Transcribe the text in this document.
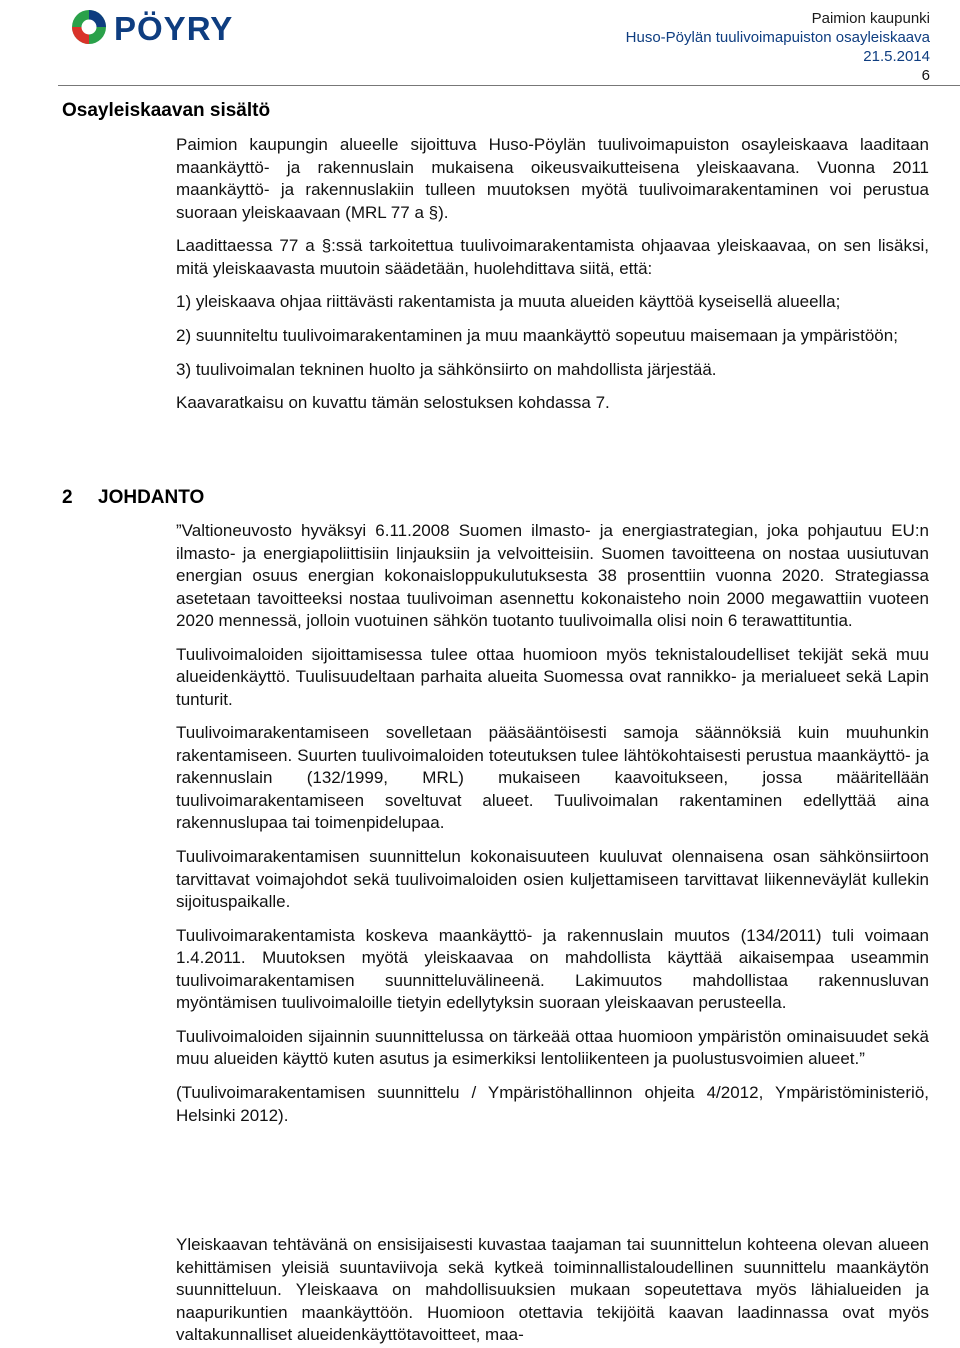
PÖYRY	Paimion kaupunki
Huso-Pöylän tuulivoimapuiston osayleiskaava
21.5.2014
6
Osayleiskaavan sisältö

Paimion kaupungin alueelle sijoittuva Huso-Pöylän tuulivoimapuiston osayleiskaava laaditaan maankäyttö- ja rakennuslain mukaisena oikeusvaikutteisena yleiskaavana. Vuonna 2011 maankäyttö- ja rakennuslakiin tulleen muutoksen myötä tuulivoimarakentaminen voi perustua suoraan yleiskaavaan (MRL 77 a §).

Laadittaessa 77 a §:ssä tarkoitettua tuulivoimarakentamista ohjaavaa yleiskaavaa, on sen lisäksi, mitä yleiskaavasta muutoin säädetään, huolehdittava siitä, että:

1) yleiskaava ohjaa riittävästi rakentamista ja muuta alueiden käyttöä kyseisellä alueella;

2) suunniteltu tuulivoimarakentaminen ja muu maankäyttö sopeutuu maisemaan ja ympäristöön;

3) tuulivoimalan tekninen huolto ja sähkönsiirto on mahdollista järjestää.

Kaavaratkaisu on kuvattu tämän selostuksen kohdassa 7.

2 JOHDANTO

”Valtioneuvosto hyväksyi 6.11.2008 Suomen ilmasto- ja energiastrategian, joka pohjautuu EU:n ilmasto- ja energiapoliittisiin linjauksiin ja velvoitteisiin. Suomen tavoitteena on nostaa uusiutuvan energian osuus energian kokonaisloppukulutuksesta 38 prosenttiin vuonna 2020. Strategiassa asetetaan tavoitteeksi nostaa tuulivoiman asennettu kokonaisteho noin 2000 megawattiin vuoteen 2020 mennessä, jolloin vuotuinen sähkön tuotanto tuulivoimalla olisi noin 6 terawattituntia.

Tuulivoimaloiden sijoittamisessa tulee ottaa huomioon myös teknistaloudelliset tekijät sekä muu alueidenkäyttö. Tuulisuudeltaan parhaita alueita Suomessa ovat rannikko- ja merialueet sekä Lapin tunturit.

Tuulivoimarakentamiseen sovelletaan pääsääntöisesti samoja säännöksiä kuin muuhunkin rakentamiseen. Suurten tuulivoimaloiden toteutuksen tulee lähtökohtaisesti perustua maankäyttö- ja rakennuslain (132/1999, MRL) mukaiseen kaavoitukseen, jossa määritellään tuulivoimarakentamiseen soveltuvat alueet. Tuulivoimalan rakentaminen edellyttää aina rakennuslupaa tai toimenpidelupaa.

Tuulivoimarakentamisen suunnittelun kokonaisuuteen kuuluvat olennaisena osan sähkönsiirtoon tarvittavat voimajohdot sekä tuulivoimaloiden osien kuljettamiseen tarvittavat liikenneväylät kullekin sijoituspaikalle.

Tuulivoimarakentamista koskeva maankäyttö- ja rakennuslain muutos (134/2011) tuli voimaan 1.4.2011. Muutoksen myötä yleiskaavaa on mahdollista käyttää aikaisempaa useammin tuulivoimarakentamisen suunnitteluvälineenä. Lakimuutos mahdollistaa rakennusluvan myöntämisen tuulivoimaloille tietyin edellytyksin suoraan yleiskaavan perusteella.

Tuulivoimaloiden sijainnin suunnittelussa on tärkeää ottaa huomioon ympäristön ominaisuudet sekä muu alueiden käyttö kuten asutus ja esimerkiksi lentoliikenteen ja puolustusvoimien alueet.”

(Tuulivoimarakentamisen suunnittelu / Ympäristöhallinnon ohjeita 4/2012, Ympäristöministeriö, Helsinki 2012).

Yleiskaavan tehtävänä on ensisijaisesti kuvastaa taajaman tai suunnittelun kohteena olevan alueen kehittämisen yleisiä suuntaviivoja sekä kytkeä toiminnallistaloudellinen suunnittelu maankäytön suunnitteluun. Yleiskaava on mahdollisuuksien mukaan sopeutettava myös lähialueiden ja naapurikuntien maankäyttöön. Huomioon otettavia tekijöitä kaavan laadinnassa ovat myös valtakunnalliset alueidenkäyttötavoitteet, maa-
